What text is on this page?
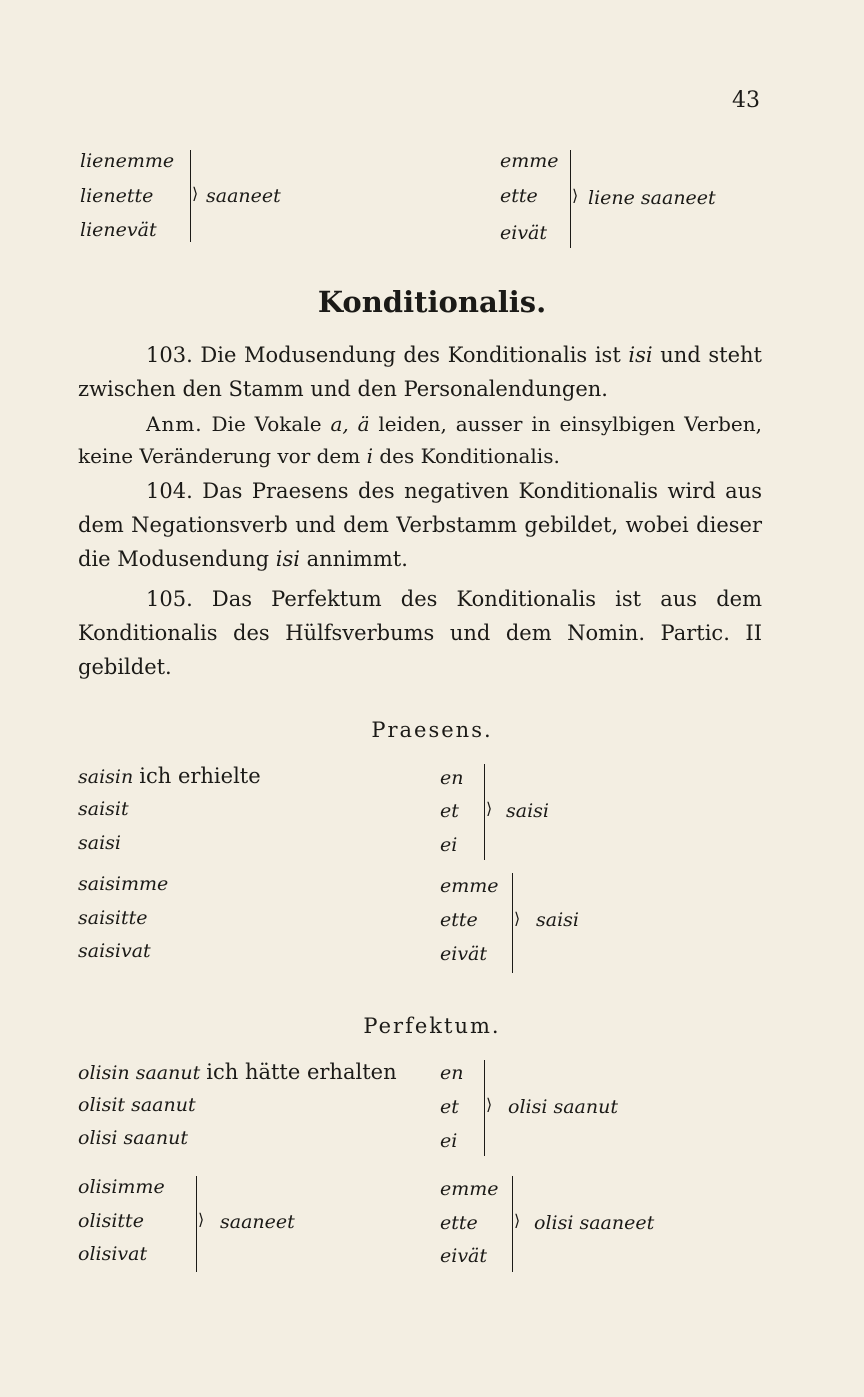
43
lienemme
lienette
lienevät
⟩ saaneet
emme
ette
eivät
⟩ liene saaneet
Konditionalis.
103. Die Modusendung des Konditionalis ist isi und steht zwischen den Stamm und den Personalendungen.
Anm. Die Vokale a, ä leiden, ausser in einsylbigen Verben, keine Veränderung vor dem i des Konditionalis.
104. Das Praesens des negativen Konditionalis wird aus dem Negationsverb und dem Verbstamm gebildet, wobei dieser die Modusendung isi annimmt.
105. Das Perfektum des Konditionalis ist aus dem Konditionalis des Hülfsverbums und dem Nomin. Partic. II gebildet.
Praesens.
saisin ich erhielte
saisit
saisi
en
et
ei
⟩ saisi
saisimme
saisitte
saisivat
emme
ette
eivät
⟩ saisi
Perfektum.
olisin saanut ich hätte erhalten
olisit saanut
olisi saanut
en
et
ei
⟩ olisi saanut
olisimme
olisitte
olisivat
⟩ saaneet
emme
ette
eivät
⟩ olisi saaneet
